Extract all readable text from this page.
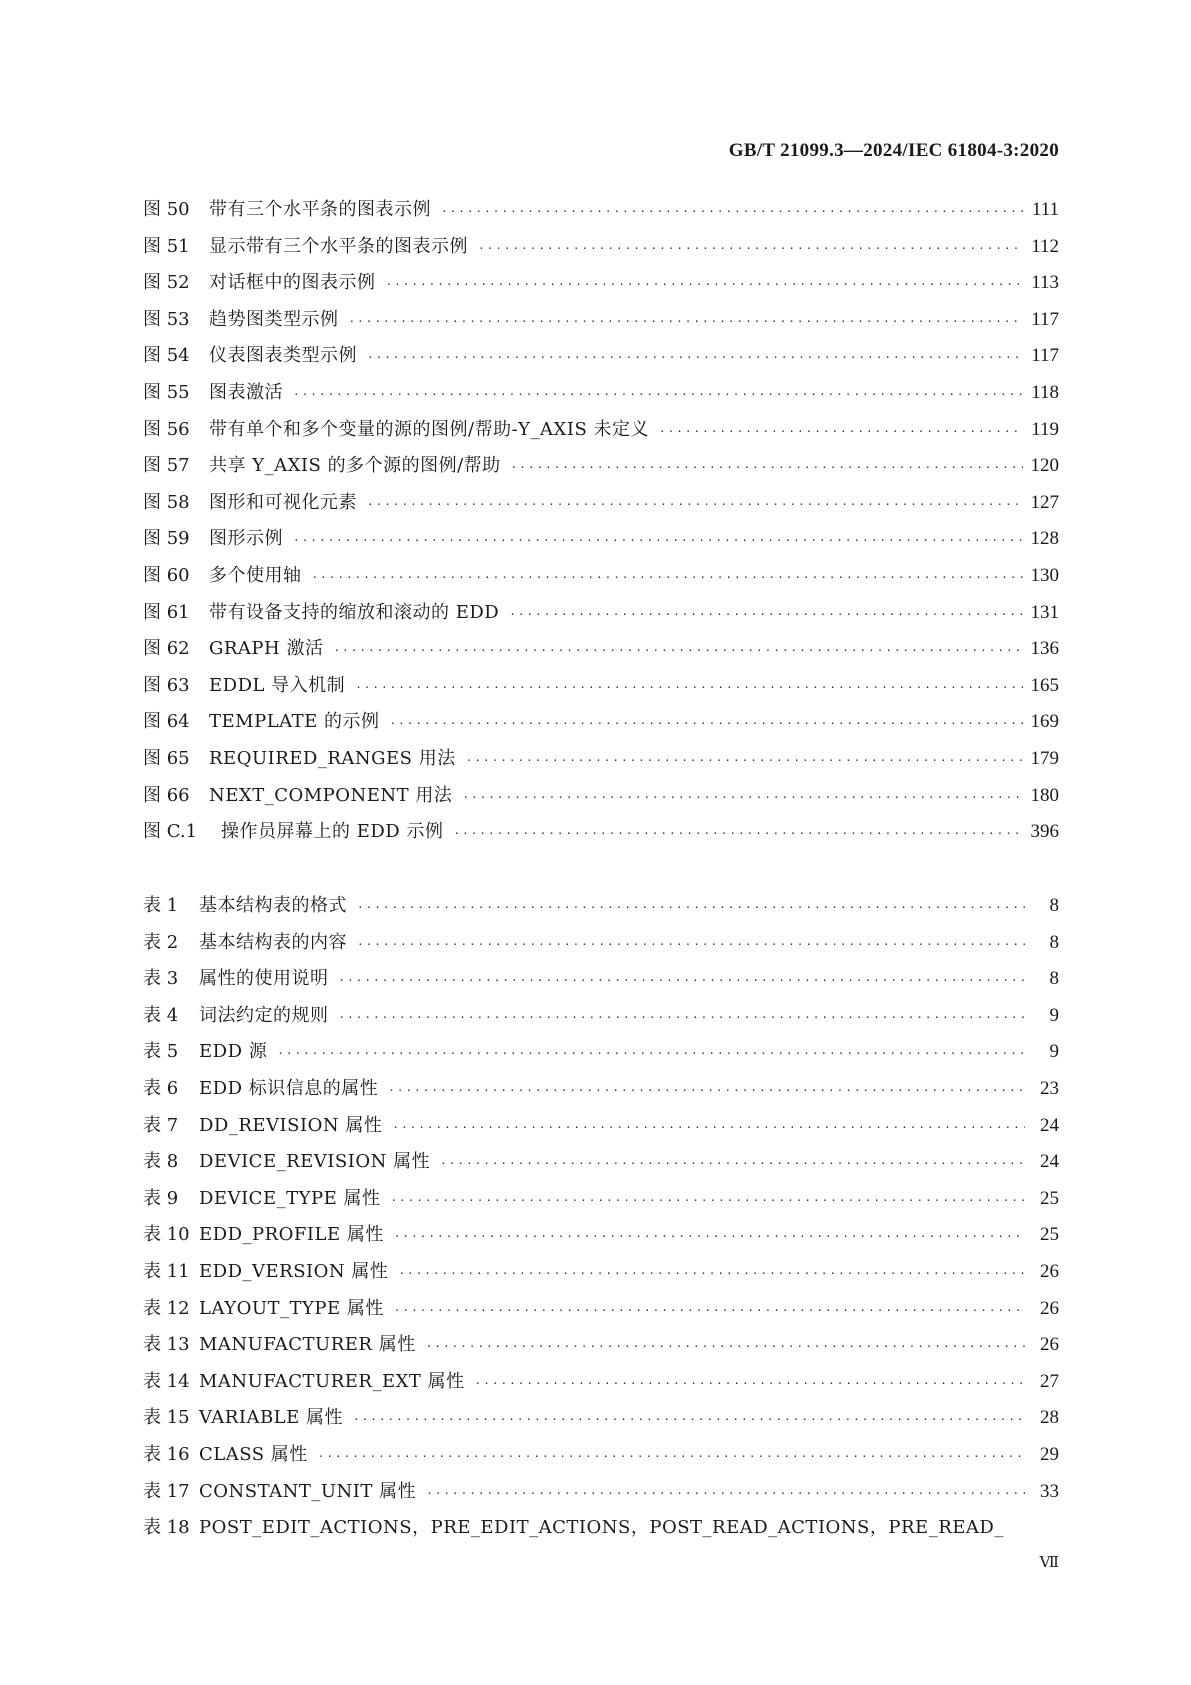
GB/T 21099.3—2024/IEC 61804-3:2020
图 50	带有三个水平条的图表示例 ·····	111
图 51	显示带有三个水平条的图表示例 ·····	112
图 52	对话框中的图表示例 ·····	113
图 53	趋势图类型示例 ·····	117
图 54	仪表图表类型示例 ·····	117
图 55	图表激活 ·····	118
图 56	带有单个和多个变量的源的图例/帮助-Y_AXIS 未定义 ·····	119
图 57	共享 Y_AXIS 的多个源的图例/帮助 ·····	120
图 58	图形和可视化元素 ·····	127
图 59	图形示例 ·····	128
图 60	多个使用轴 ·····	130
图 61	带有设备支持的缩放和滚动的 EDD ·····	131
图 62	GRAPH 激活 ·····	136
图 63	EDDL 导入机制 ·····	165
图 64	TEMPLATE 的示例 ·····	169
图 65	REQUIRED_RANGES 用法 ·····	179
图 66	NEXT_COMPONENT 用法 ·····	180
图 C.1	操作员屏幕上的 EDD 示例 ·····	396
表 1	基本结构表的格式 ·····	8
表 2	基本结构表的内容 ·····	8
表 3	属性的使用说明 ·····	8
表 4	词法约定的规则 ·····	9
表 5	EDD 源 ·····	9
表 6	EDD 标识信息的属性 ·····	23
表 7	DD_REVISION 属性 ·····	24
表 8	DEVICE_REVISION 属性 ·····	24
表 9	DEVICE_TYPE 属性 ·····	25
表 10 EDD_PROFILE 属性 ·····	25
表 11 EDD_VERSION 属性 ·····	26
表 12 LAYOUT_TYPE 属性 ·····	26
表 13 MANUFACTURER 属性 ·····	26
表 14 MANUFACTURER_EXT 属性 ·····	27
表 15 VARIABLE 属性 ·····	28
表 16 CLASS 属性 ·····	29
表 17 CONSTANT_UNIT 属性 ·····	33
表 18 POST_EDIT_ACTIONS，PRE_EDIT_ACTIONS，POST_READ_ACTIONS，PRE_READ_
Ⅶ
